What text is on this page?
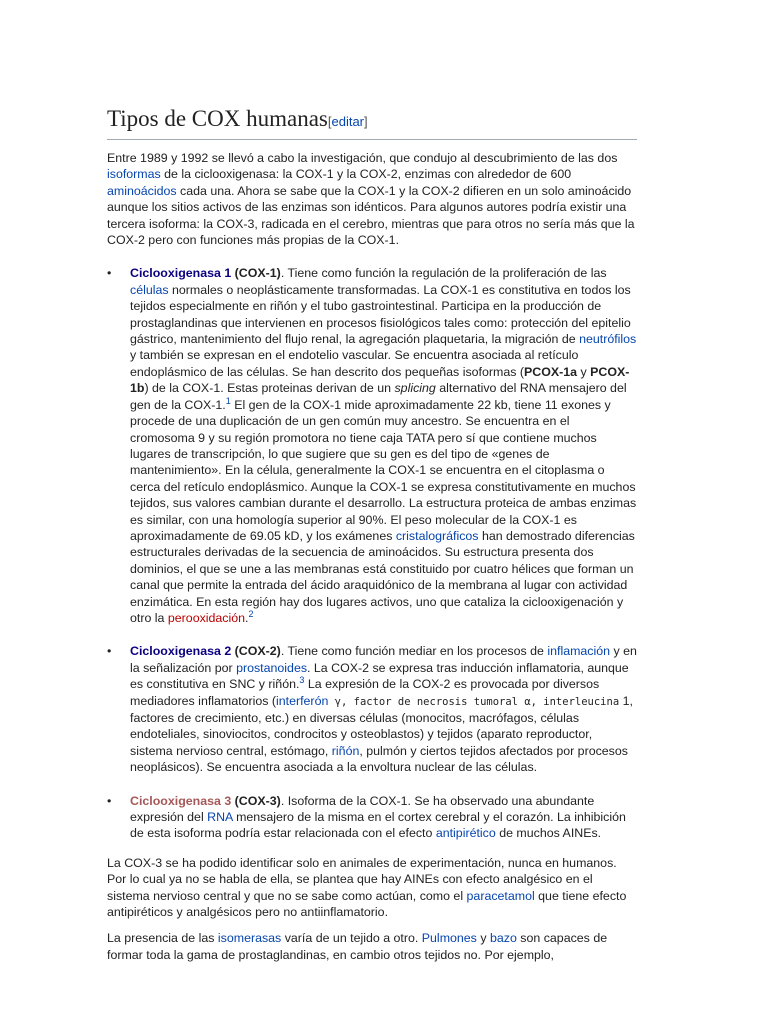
Tipos de COX humanas[editar]

Entre 1989 y 1992 se llevó a cabo la investigación, que condujo al descubrimiento de las dos isoformas de la ciclooxigenasa: la COX-1 y la COX-2, enzimas con alrededor de 600 aminoácidos cada una. Ahora se sabe que la COX-1 y la COX-2 difieren en un solo aminoácido aunque los sitios activos de las enzimas son idénticos. Para algunos autores podría existir una tercera isoforma: la COX-3, radicada en el cerebro, mientras que para otros no sería más que la COX-2 pero con funciones más propias de la COX-1.

• Ciclooxigenasa 1 (COX-1). Tiene como función la regulación de la proliferación de las células normales o neoplásticamente transformadas. La COX-1 es constitutiva en todos los tejidos especialmente en riñón y el tubo gastrointestinal. Participa en la producción de prostaglandinas que intervienen en procesos fisiológicos tales como: protección del epitelio gástrico, mantenimiento del flujo renal, la agregación plaquetaria, la migración de neutrófilos y también se expresan en el endotelio vascular. Se encuentra asociada al retículo endoplásmico de las células. Se han descrito dos pequeñas isoformas (PCOX-1a y PCOX-1b) de la COX-1. Estas proteinas derivan de un splicing alternativo del RNA mensajero del gen de la COX-1.$^1$ El gen de la COX-1 mide aproximadamente 22 kb, tiene 11 exones y procede de una duplicación de un gen común muy ancestro. Se encuentra en el cromosoma 9 y su región promotora no tiene caja TATA pero sí que contiene muchos lugares de transcripción, lo que sugiere que su gen es del tipo de «genes de mantenimiento». En la célula, generalmente la COX-1 se encuentra en el citoplasma o cerca del retículo endoplásmico. Aunque la COX-1 se expresa constitutivamente en muchos tejidos, sus valores cambian durante el desarrollo. La estructura proteica de ambas enzimas es similar, con una homología superior al 90%. El peso molecular de la COX-1 es aproximadamente de 69.05 kD, y los exámenes cristalográficos han demostrado diferencias estructurales derivadas de la secuencia de aminoácidos. Su estructura presenta dos dominios, el que se une a las membranas está constituido por cuatro hélices que forman un canal que permite la entrada del ácido araquidónico de la membrana al lugar con actividad enzimática. En esta región hay dos lugares activos, uno que cataliza la ciclooxigenación y otro la perooxidación.$^2$
• Ciclooxigenasa 2 (COX-2). Tiene como función mediar en los procesos de inflamación y en la señalización por prostanoides. La COX-2 se expresa tras inducción inflamatoria, aunque es constitutiva en SNC y riñón.$^3$ La expresión de la COX-2 es provocada por diversos mediadores inflamatorios (interferón γ, factor de necrosis tumoral α, interleucina 1, factores de crecimiento, etc.) en diversas células (monocitos, macrófagos, células endoteliales, sinoviocitos, condrocitos y osteoblastos) y tejidos (aparato reproductor, sistema nervioso central, estómago, riñón, pulmón y ciertos tejidos afectados por procesos neoplásicos). Se encuentra asociada a la envoltura nuclear de las células.
• Ciclooxigenasa 3 (COX-3). Isoforma de la COX-1. Se ha observado una abundante expresión del RNA mensajero de la misma en el cortex cerebral y el corazón. La inhibición de esta isoforma podría estar relacionada con el efecto antipirético de muchos AINEs.

La COX-3 se ha podido identificar solo en animales de experimentación, nunca en humanos. Por lo cual ya no se habla de ella, se plantea que hay AINEs con efecto analgésico en el sistema nervioso central y que no se sabe como actúan, como el paracetamol que tiene efecto antipiréticos y analgésicos pero no antiinflamatorio.

La presencia de las isomerasas varía de un tejido a otro. Pulmones y bazo son capaces de formar toda la gama de prostaglandinas, en cambio otros tejidos no. Por ejemplo,
